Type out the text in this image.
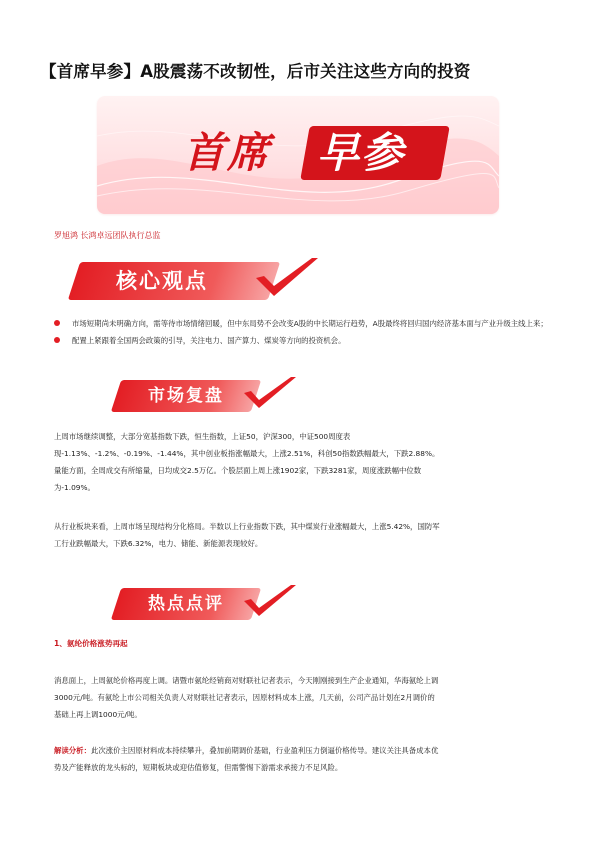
【首席早参】A股震荡不改韧性，后市关注这些方向的投资
首席 早参
罗旭鸿 长鸿卓远团队执行总监
核心观点
市场短期尚未明确方向，需等待市场情绪回暖，但中东局势不会改变A股的中长期运行趋势，A股最终将回归国内经济基本面与产业升级主线上来；
配置上紧跟着全国两会政策的引导，关注电力、国产算力、煤炭等方向的投资机会。
市场复盘
上周市场继续调整，大部分宽基指数下跌，恒生指数，上证50，沪深300，中证500周度表
现-1.13%、-1.2%、-0.19%、-1.44%，其中创业板指涨幅最大，上涨2.51%，科创50指数跌幅最大，下跌2.88%。
量能方面，全周成交有所缩量，日均成交2.5万亿。个股层面上周上涨1902家，下跌3281家，周度涨跌幅中位数
为-1.09%。
从行业板块来看，上周市场呈现结构分化格局。半数以上行业指数下跌，其中煤炭行业涨幅最大，上涨5.42%，国防军
工行业跌幅最大，下跌6.32%，电力、储能、新能源表现较好。
热点点评
1、氨纶价格涨势再起
消息面上，上周氨纶价格再度上调。诸暨市氨纶经销商对财联社记者表示，今天刚刚接到生产企业通知，华海氨纶上调
3000元/吨。有氨纶上市公司相关负责人对财联社记者表示，因原材料成本上涨，几天前，公司产品计划在2月调价的
基础上再上调1000元/吨。
解读分析：此次涨价主因原材料成本持续攀升，叠加前期调价基础，行业盈利压力倒逼价格传导。建议关注具备成本优
势及产能释放的龙头标的，短期板块或迎估值修复，但需警惕下游需求承接力不足风险。
